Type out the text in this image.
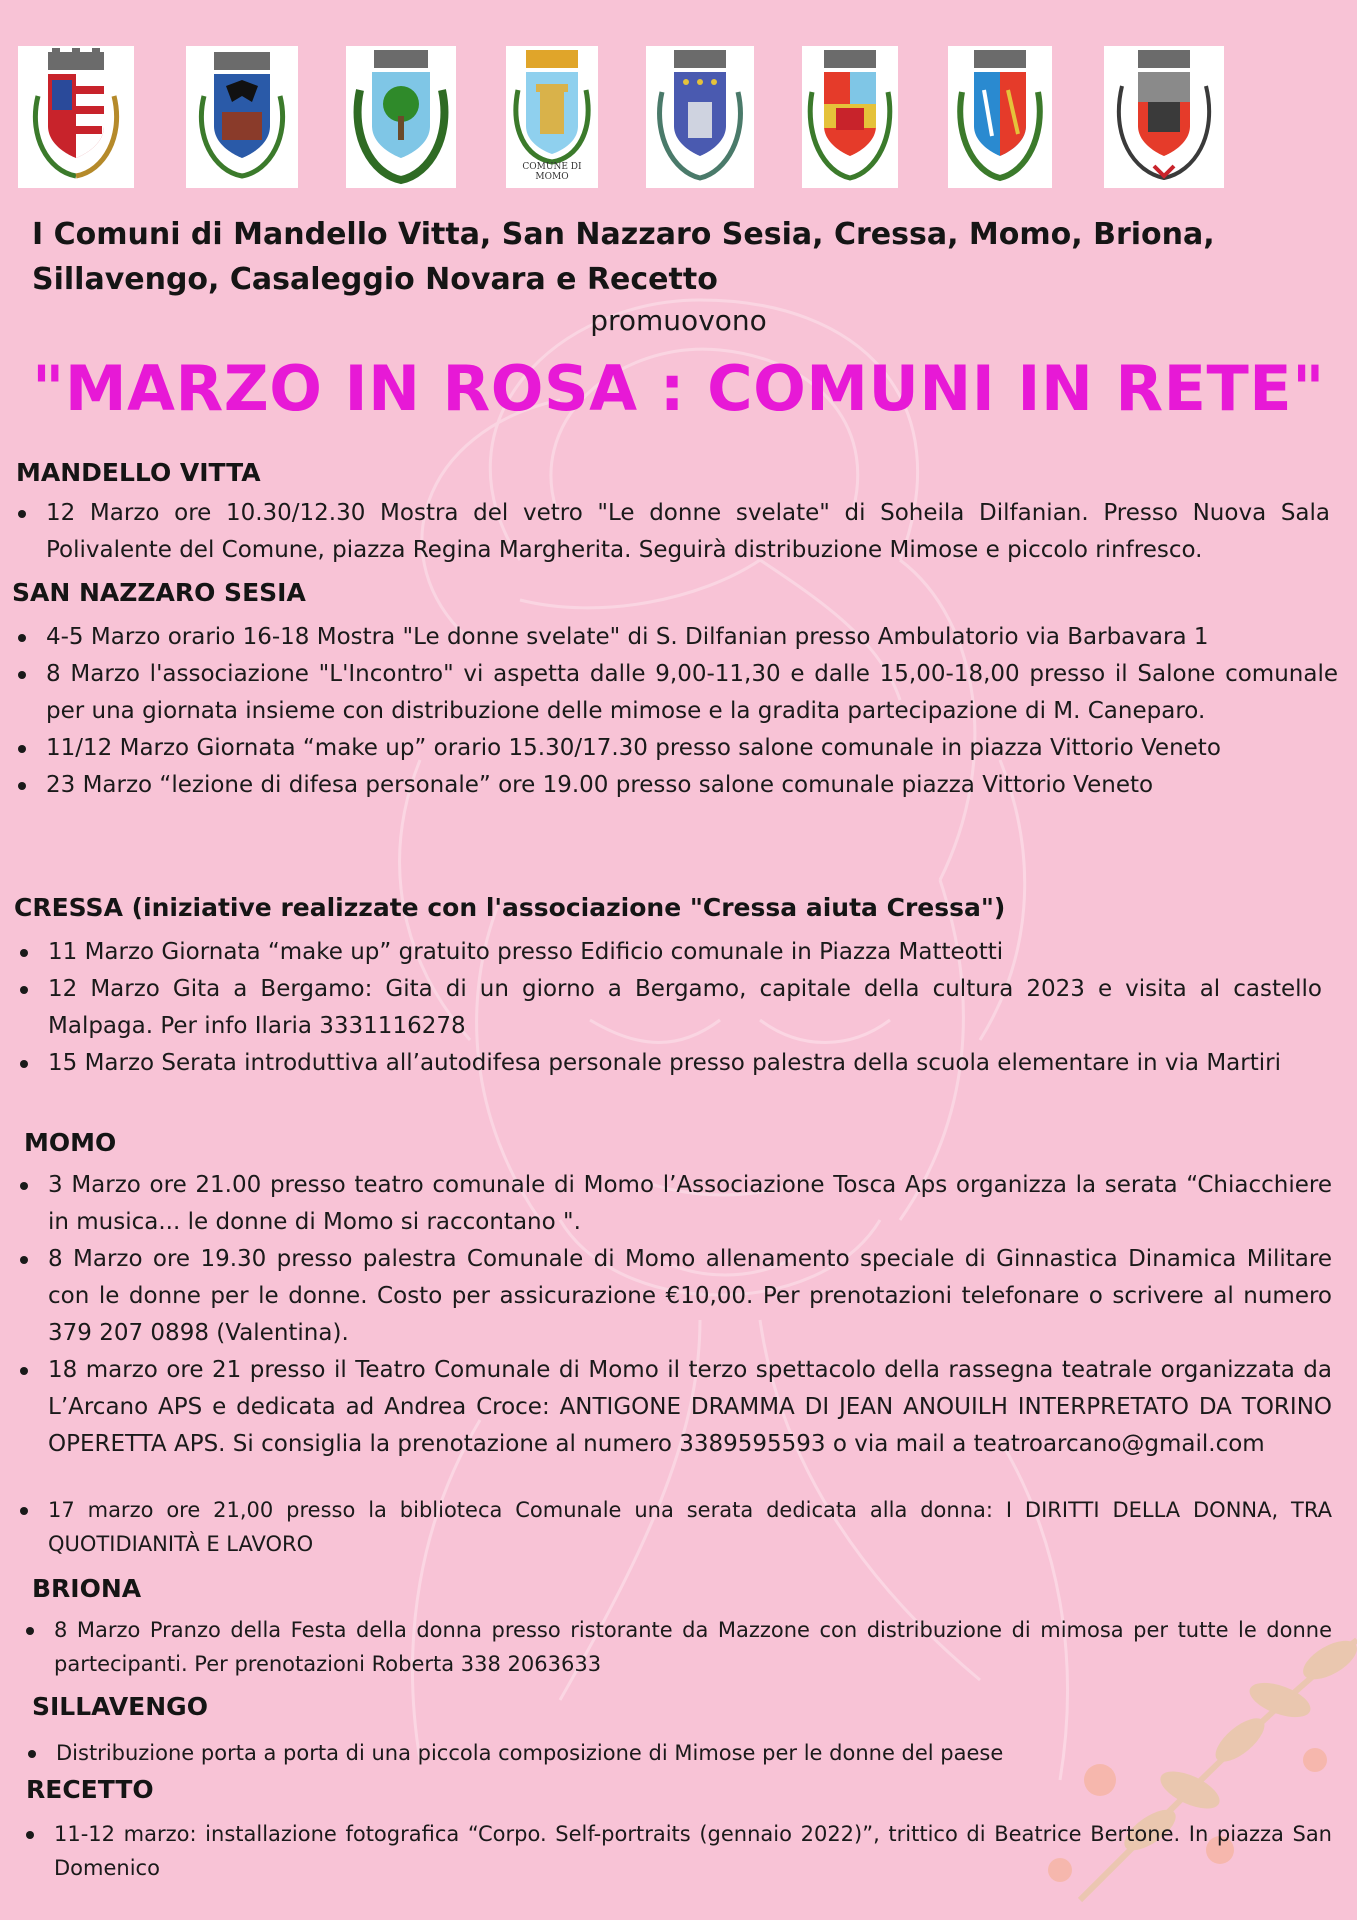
COMUNE DI MOMO
I Comuni di Mandello Vitta, San Nazzaro Sesia, Cressa, Momo, Briona,
Sillavengo, Casaleggio Novara e Recetto
promuovono
"MARZO IN ROSA : COMUNI IN RETE"
MANDELLO VITTA
12 Marzo ore 10.30/12.30 Mostra del vetro "Le donne svelate" di Soheila Dilfanian. Presso Nuova Sala Polivalente del Comune, piazza Regina Margherita. Seguirà distribuzione Mimose e piccolo rinfresco.
SAN NAZZARO SESIA
4-5 Marzo orario 16-18 Mostra "Le donne svelate" di S. Dilfanian presso Ambulatorio via Barbavara 1
8 Marzo l'associazione "L'Incontro" vi aspetta dalle 9,00-11,30 e dalle 15,00-18,00 presso il Salone comunale per una giornata insieme con distribuzione delle mimose e la gradita partecipazione di M. Caneparo.
11/12 Marzo Giornata “make up” orario 15.30/17.30 presso salone comunale in piazza Vittorio Veneto
23 Marzo “lezione di difesa personale” ore 19.00 presso salone comunale piazza Vittorio Veneto
CRESSA (iniziative realizzate con l'associazione "Cressa aiuta Cressa")
11 Marzo Giornata “make up” gratuito presso Edificio comunale in Piazza Matteotti
12 Marzo Gita a Bergamo: Gita di un giorno a Bergamo, capitale della cultura 2023 e visita al castello Malpaga. Per info Ilaria 3331116278
15 Marzo Serata introduttiva all’autodifesa personale presso palestra della scuola elementare in via Martiri
MOMO
3 Marzo ore 21.00 presso teatro comunale di Momo l’Associazione Tosca Aps organizza la serata “Chiacchiere in musica... le donne di Momo si raccontano ".
8 Marzo ore 19.30 presso palestra Comunale di Momo allenamento speciale di Ginnastica Dinamica Militare con le donne per le donne. Costo per assicurazione €10,00. Per prenotazioni telefonare o scrivere al numero 379 207 0898 (Valentina).
18 marzo ore 21 presso il Teatro Comunale di Momo il terzo spettacolo della rassegna teatrale organizzata da L’Arcano APS e dedicata ad Andrea Croce: ANTIGONE DRAMMA DI JEAN ANOUILH INTERPRETATO DA TORINO OPERETTA APS. Si consiglia la prenotazione al numero 3389595593 o via mail a teatroarcano@gmail.com
17 marzo ore 21,00 presso la biblioteca Comunale una serata dedicata alla donna: I DIRITTI DELLA DONNA, TRA QUOTIDIANITÀ E LAVORO
BRIONA
8 Marzo Pranzo della Festa della donna presso ristorante da Mazzone con distribuzione di mimosa per tutte le donne partecipanti. Per prenotazioni Roberta 338 2063633
SILLAVENGO
Distribuzione porta a porta di una piccola composizione di Mimose per le donne del paese
RECETTO
11-12 marzo: installazione fotografica “Corpo. Self-portraits (gennaio 2022)”, trittico di Beatrice Bertone. In piazza San Domenico
